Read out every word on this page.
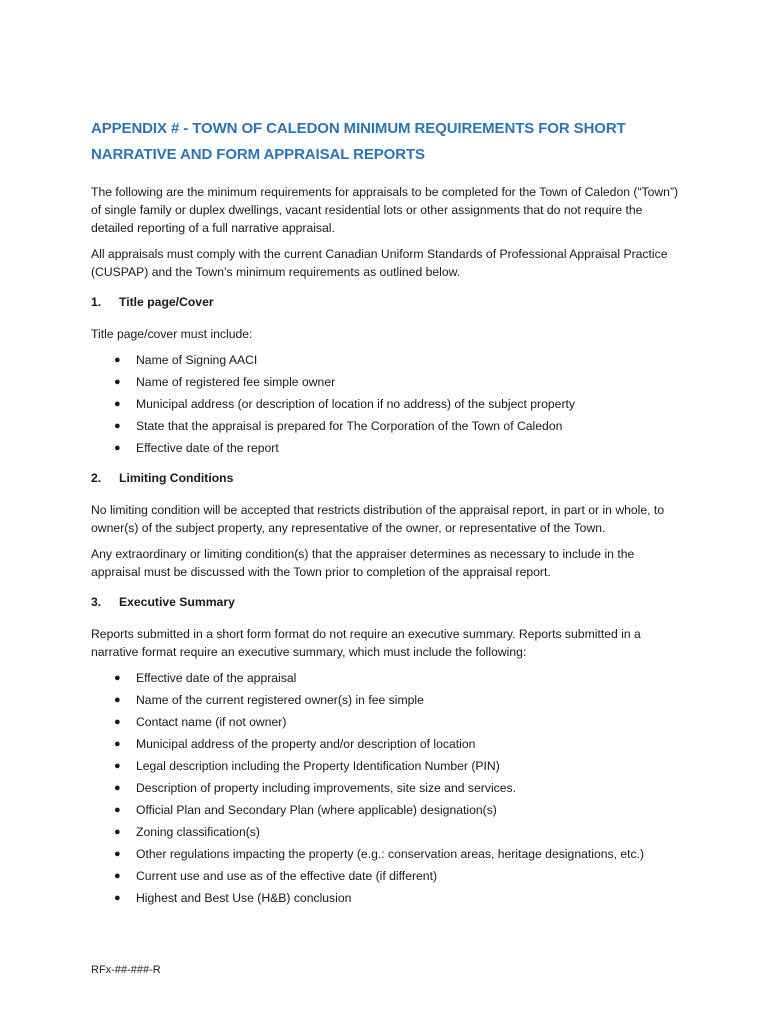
APPENDIX # - TOWN OF CALEDON MINIMUM REQUIREMENTS FOR SHORT NARRATIVE AND FORM APPRAISAL REPORTS

The following are the minimum requirements for appraisals to be completed for the Town of Caledon (“Town”) of single family or duplex dwellings, vacant residential lots or other assignments that do not require the detailed reporting of a full narrative appraisal.

All appraisals must comply with the current Canadian Uniform Standards of Professional Appraisal Practice (CUSPAP) and the Town’s minimum requirements as outlined below.

1.	Title page/Cover

Title page/cover must include:

●	Name of Signing AACI
●	Name of registered fee simple owner
●	Municipal address (or description of location if no address) of the subject property
●	State that the appraisal is prepared for The Corporation of the Town of Caledon
●	Effective date of the report
2.	Limiting Conditions

No limiting condition will be accepted that restricts distribution of the appraisal report, in part or in whole, to owner(s) of the subject property, any representative of the owner, or representative of the Town.

Any extraordinary or limiting condition(s) that the appraiser determines as necessary to include in the appraisal must be discussed with the Town prior to completion of the appraisal report.

3.	Executive Summary

Reports submitted in a short form format do not require an executive summary. Reports submitted in a narrative format require an executive summary, which must include the following:

●	Effective date of the appraisal
●	Name of the current registered owner(s) in fee simple
●	Contact name (if not owner)
●	Municipal address of the property and/or description of location
●	Legal description including the Property Identification Number (PIN)
●	Description of property including improvements, site size and services.
●	Official Plan and Secondary Plan (where applicable) designation(s)
●	Zoning classification(s)
●	Other regulations impacting the property (e.g.: conservation areas, heritage designations, etc.)
●	Current use and use as of the effective date (if different)
●	Highest and Best Use (H&B) conclusion
RFx-##-###-R
